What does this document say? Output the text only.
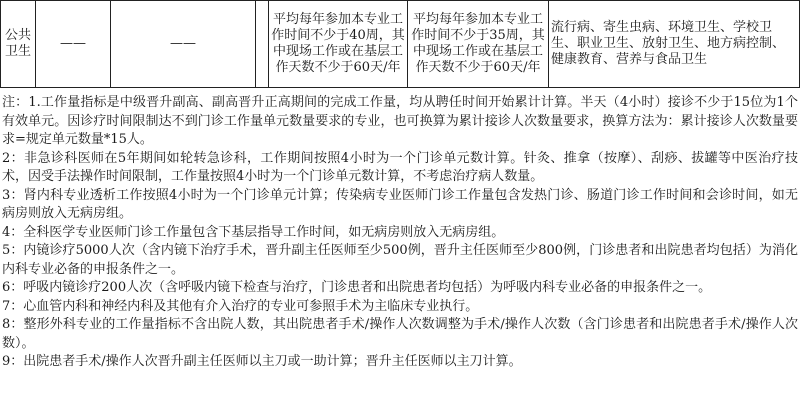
公共
卫生
	——	——		平均每年参加本专业工作时间不少于40周，其中现场工作或在基层工作天数不少于60天/年	平均每年参加本专业工作时间不少于35周，其中现场工作或在基层工作天数不少于60天/年	流行病、寄生虫病、环境卫生、学校卫生、职业卫生、放射卫生、地方病控制、健康教育、营养与食品卫生

注：1.工作量指标是中级晋升副高、副高晋升正高期间的完成工作量，均从聘任时间开始累计计算。半天（4小时）接诊不少于15位为1个有效单元。因诊疗时间限制达不到门诊工作量单元数量要求的专业，也可换算为累计接诊人次数量要求，换算方法为：累计接诊人次数量要求=规定单元数量*15人。

2：非急诊科医师在5年期间如轮转急诊科，工作期间按照4小时为一个门诊单元数计算。针灸、推拿（按摩）、刮痧、拔罐等中医治疗技术，因受手法操作时间限制，工作量按照4小时为一个门诊单元数计算，不考虑治疗病人数量。

3：肾内科专业透析工作按照4小时为一个门诊单元计算；传染病专业医师门诊工作量包含发热门诊、肠道门诊工作时间和会诊时间，如无病房则放入无病房组。

4：全科医学专业医师门诊工作量包含下基层指导工作时间，如无病房则放入无病房组。

5：内镜诊疗5000人次（含内镜下治疗手术，晋升副主任医师至少500例，晋升主任医师至少800例，门诊患者和出院患者均包括）为消化内科专业必备的申报条件之一。

6：呼吸内镜诊疗200人次（含呼吸内镜下检查与治疗，门诊患者和出院患者均包括）为呼吸内科专业必备的申报条件之一。

7：心血管内科和神经内科及其他有介入治疗的专业可参照手术为主临床专业执行。

8：整形外科专业的工作量指标不含出院人数，其出院患者手术/操作人次数调整为手术/操作人次数（含门诊患者和出院患者手术/操作人次数）。

9：出院患者手术/操作人次晋升副主任医师以主刀或一助计算；晋升主任医师以主刀计算。
